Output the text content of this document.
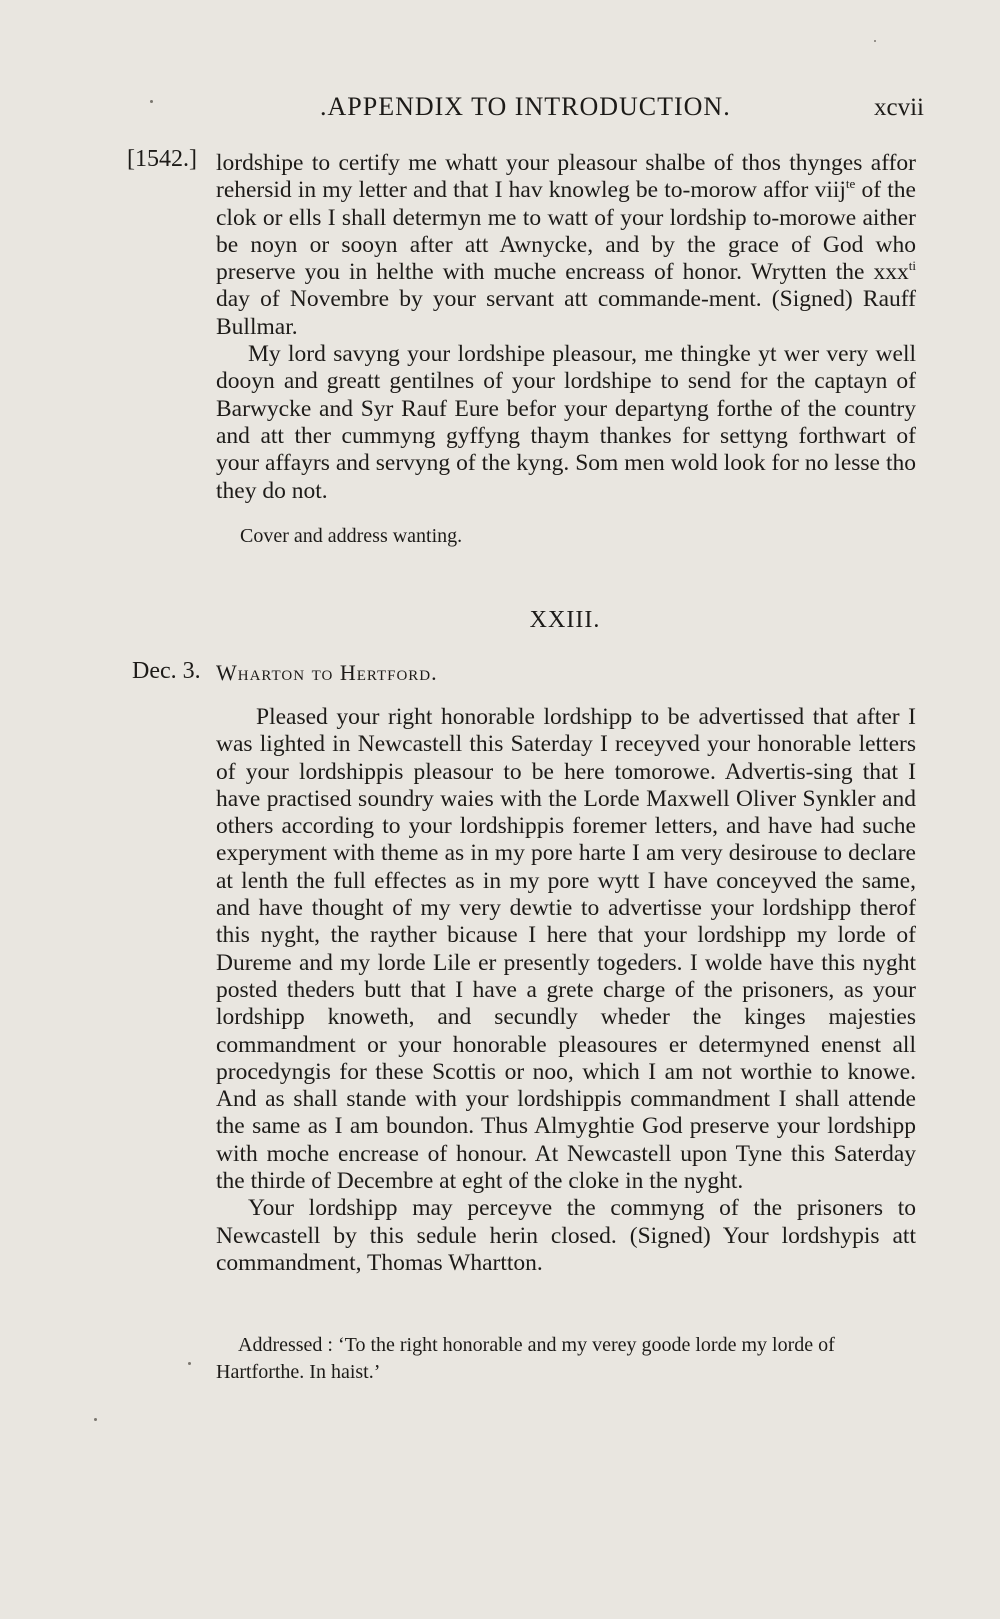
.APPENDIX TO INTRODUCTION.	xcvii
[1542.] lordshipe to certify me whatt your pleasour shalbe of thos thynges affor rehersid in my letter and that I hav knowleg be to-morow affor viij$^{te}$ of the clok or ells I shall determyn me to watt of your lordship to-morowe aither be noyn or sooyn after att Awnycke, and by the grace of God who preserve you in helthe with muche encreass of honor. Wrytten the xxx$^{ti}$ day of Novembre by your servant att commande-ment. (Signed) Rauff Bullmar.

My lord savyng your lordshipe pleasour, me thingke yt wer very well dooyn and greatt gentilnes of your lordshipe to send for the captayn of Barwycke and Syr Rauf Eure befor your departyng forthe of the country and att ther cummyng gyffyng thaym thankes for settyng forthwart of your affayrs and servyng of the kyng. Som men wold look for no lesse tho they do not.

Cover and address wanting.
XXIII.
Dec. 3. Wharton to Hertford.

Pleased your right honorable lordshipp to be advertissed that after I was lighted in Newcastell this Saterday I receyved your honorable letters of your lordshippis pleasour to be here tomorowe. Advertis-sing that I have practised soundry waies with the Lorde Maxwell Oliver Synkler and others according to your lordshippis foremer letters, and have had suche experyment with theme as in my pore harte I am very desirouse to declare at lenth the full effectes as in my pore wytt I have conceyved the same, and have thought of my very dewtie to advertisse your lordshipp therof this nyght, the rayther bicause I here that your lordshipp my lorde of Dureme and my lorde Lile er presently togeders. I wolde have this nyght posted theders butt that I have a grete charge of the prisoners, as your lordshipp knoweth, and secundly wheder the kinges majesties commandment or your honorable pleasoures er determyned enenst all procedyngis for these Scottis or noo, which I am not worthie to knowe. And as shall stande with your lordshippis commandment I shall attende the same as I am boundon. Thus Almyghtie God preserve your lordshipp with moche encrease of honour. At Newcastell upon Tyne this Saterday the thirde of Decembre at eght of the cloke in the nyght.

Your lordshipp may perceyve the commyng of the prisoners to Newcastell by this sedule herin closed. (Signed) Your lordshypis att commandment, Thomas Whartton.

Addressed : ‘To the right honorable and my verey goode lorde my lorde of Hartforthe. In haist.’
